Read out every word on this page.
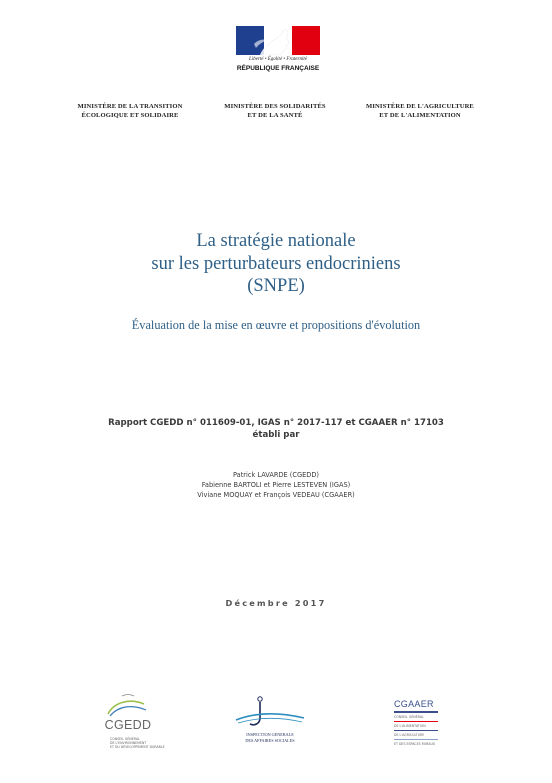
Liberté • Égalité • Fraternité
RÉPUBLIQUE FRANÇAISE
MINISTÈRE DE LA TRANSITION
ÉCOLOGIQUE ET SOLIDAIRE
MINISTÈRE DES SOLIDARITÉS
ET DE LA SANTÉ
MINISTÈRE DE L'AGRICULTURE
ET DE L'ALIMENTATION
La stratégie nationale
sur les perturbateurs endocriniens
(SNPE)
Évaluation de la mise en œuvre et propositions d'évolution
Rapport CGEDD n° 011609-01, IGAS n° 2017-117 et CGAAER n° 17103
établi par
Patrick LAVARDE (CGEDD)
Fabienne BARTOLI et Pierre LESTEVEN (IGAS)
Viviane MOQUAY et François VEDEAU (CGAAER)
Décembre 2017
CGEDD
CONSEIL GÉNÉRAL
DE L'ENVIRONNEMENT
ET DU DÉVELOPPEMENT DURABLE
INSPECTION GENERALE
DES AFFAIRES SOCIALES
CGAAER
CONSEIL GÉNÉRAL
DE L'ALIMENTATION
DE L'AGRICULTURE
ET DES ESPACES RURAUX
